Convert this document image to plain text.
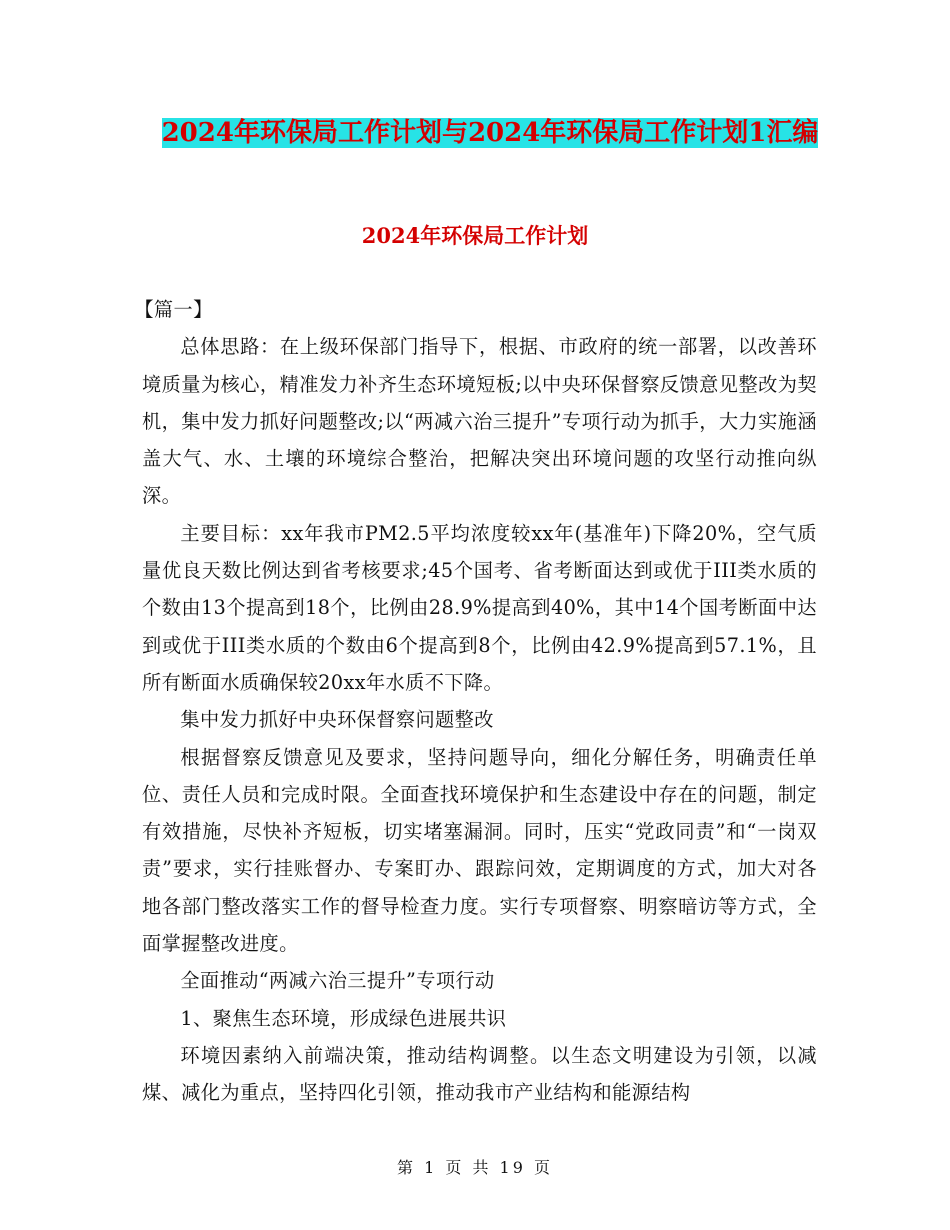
2024年环保局工作计划与2024年环保局工作计划1汇编
2024年环保局工作计划

【篇一】

总体思路：在上级环保部门指导下，根据、市政府的统一部署，以改善环境质量为核心，精准发力补齐生态环境短板;以中央环保督察反馈意见整改为契机，集中发力抓好问题整改;以“两减六治三提升”专项行动为抓手，大力实施涵盖大气、水、土壤的环境综合整治，把解决突出环境问题的攻坚行动推向纵深。

主要目标：xx年我市PM2.5平均浓度较xx年(基准年)下降20%，空气质量优良天数比例达到省考核要求;45个国考、省考断面达到或优于III类水质的个数由13个提高到18个，比例由28.9%提高到40%，其中14个国考断面中达到或优于III类水质的个数由6个提高到8个，比例由42.9%提高到57.1%，且所有断面水质确保较20xx年水质不下降。

集中发力抓好中央环保督察问题整改

根据督察反馈意见及要求，坚持问题导向，细化分解任务，明确责任单位、责任人员和完成时限。全面查找环境保护和生态建设中存在的问题，制定有效措施，尽快补齐短板，切实堵塞漏洞。同时，压实“党政同责”和“一岗双责”要求，实行挂账督办、专案盯办、跟踪问效，定期调度的方式，加大对各地各部门整改落实工作的督导检查力度。实行专项督察、明察暗访等方式，全面掌握整改进度。

全面推动“两减六治三提升”专项行动

1、聚焦生态环境，形成绿色进展共识

环境因素纳入前端决策，推动结构调整。以生态文明建设为引领，以减煤、减化为重点，坚持四化引领，推动我市产业结构和能源结构

第 1 页 共 19 页
